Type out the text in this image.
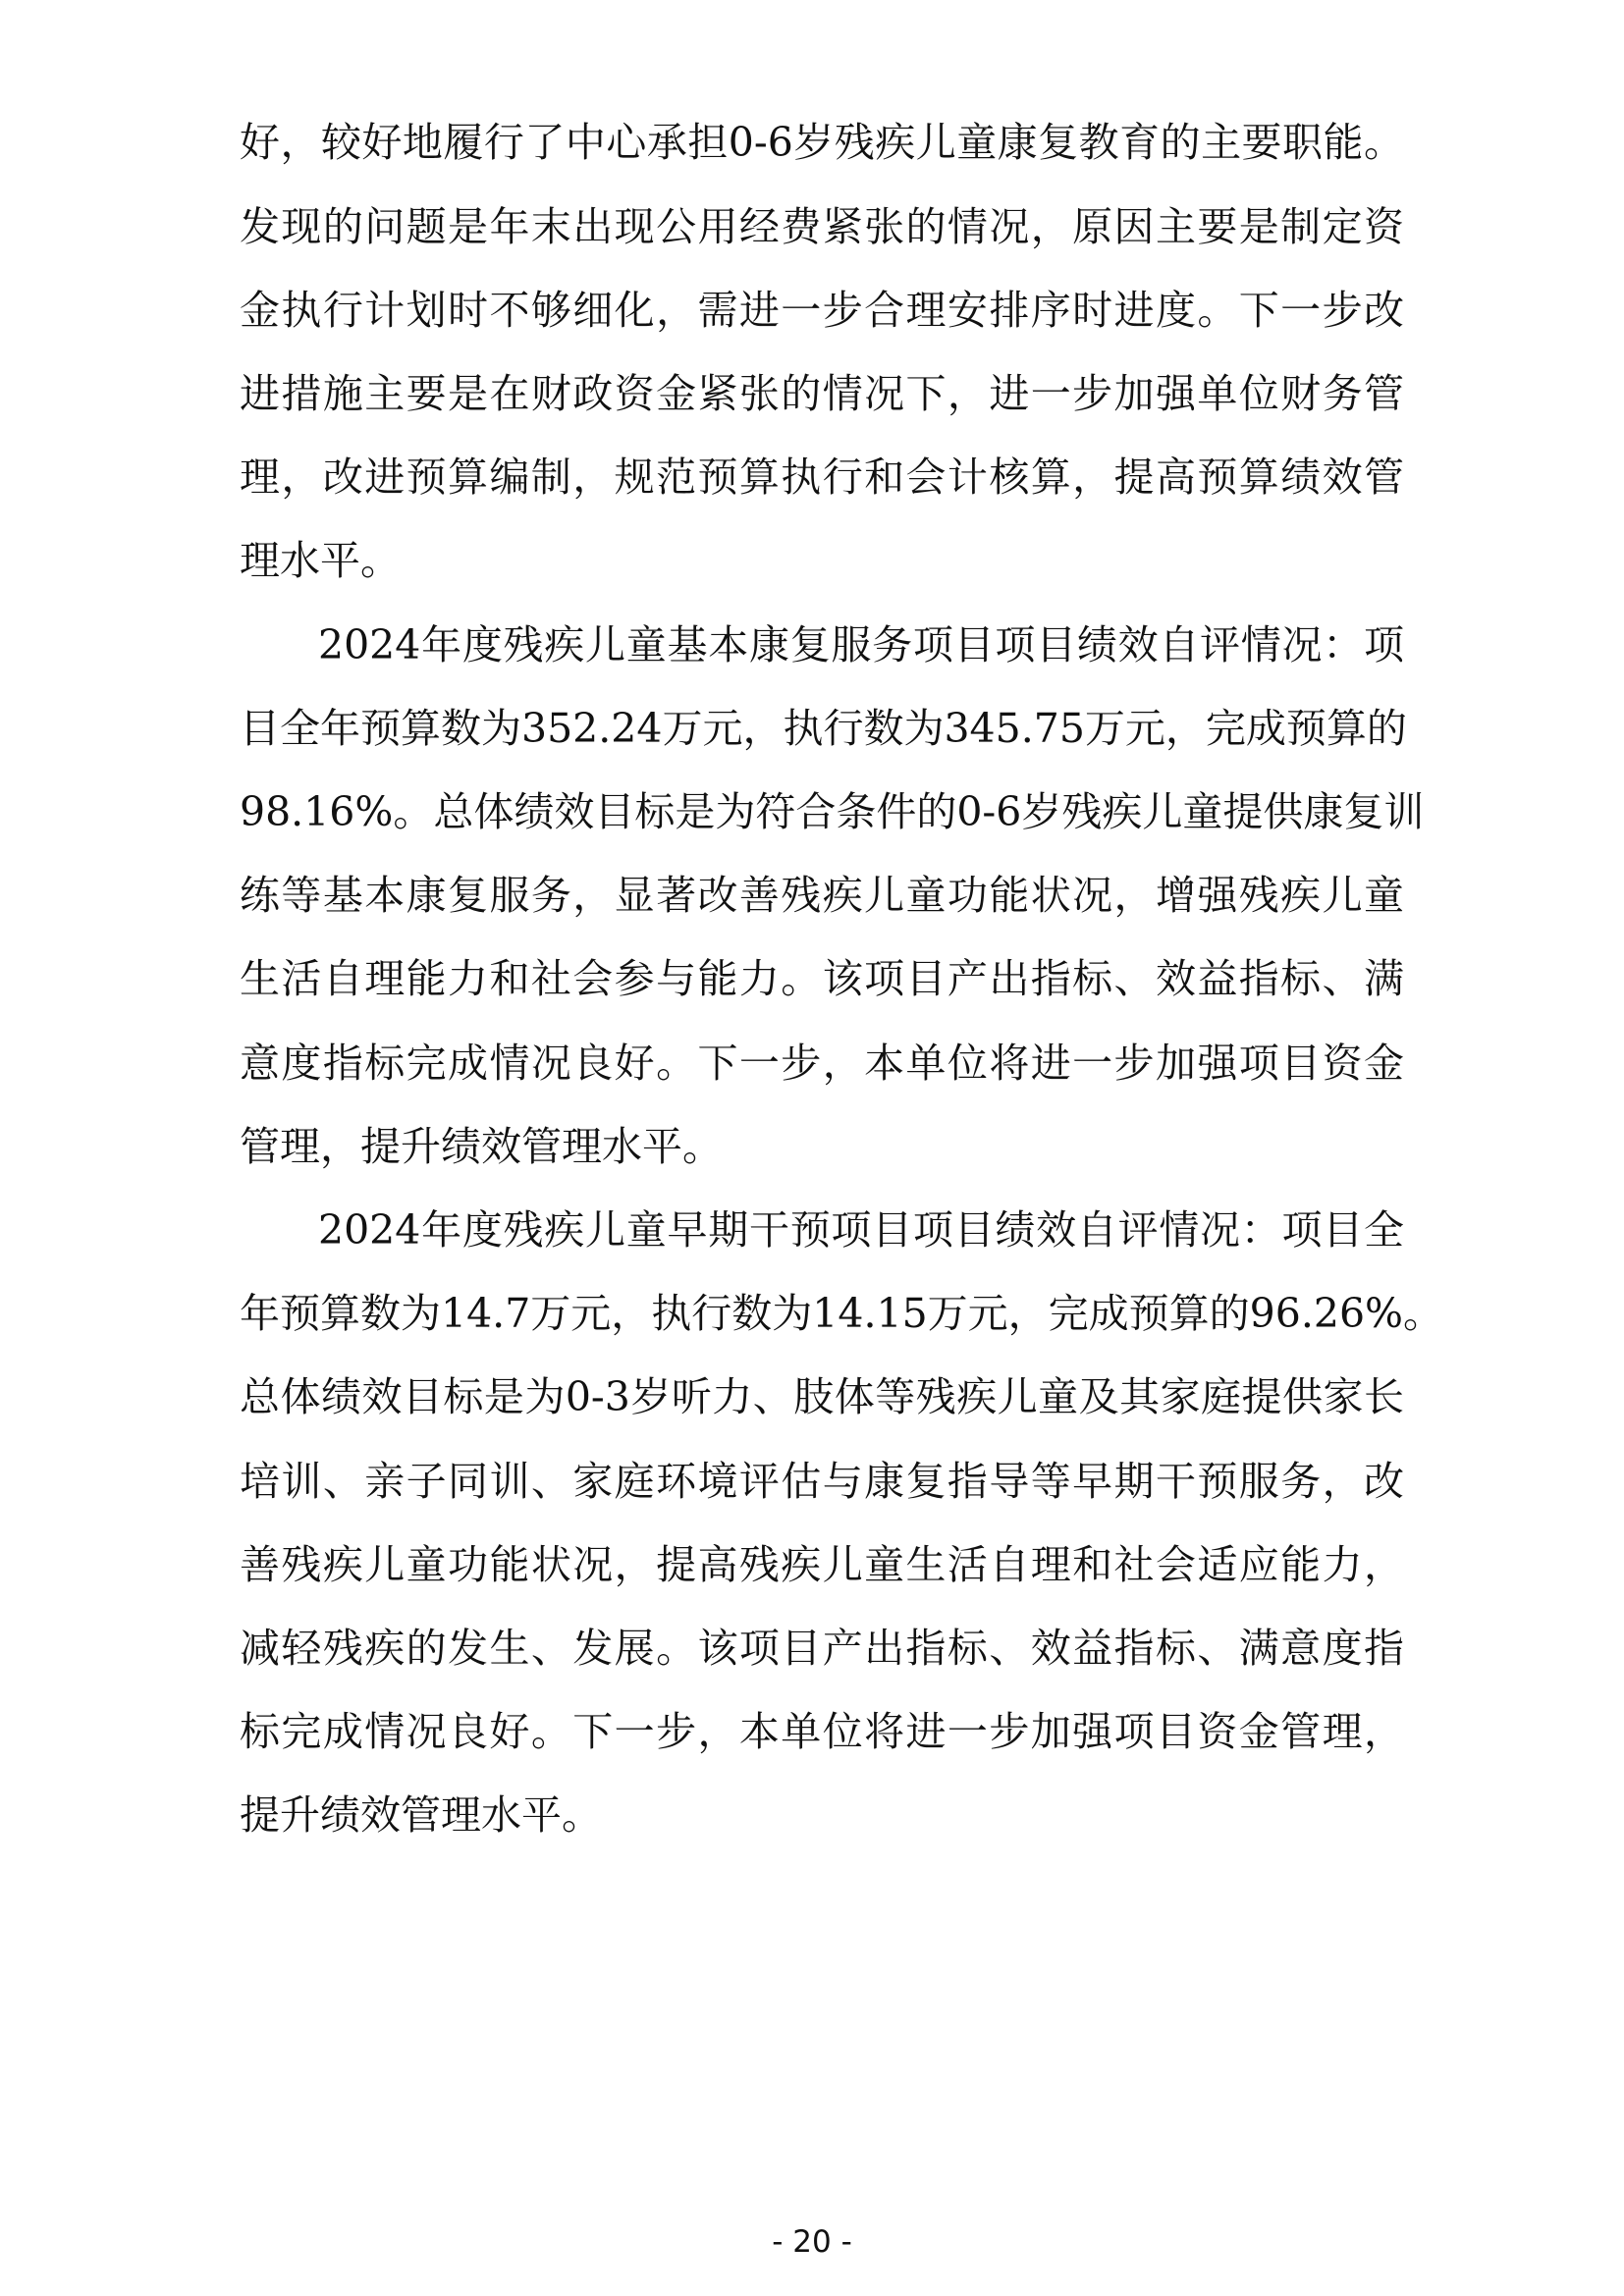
好，较好地履行了中心承担0-6岁残疾儿童康复教育的主要职能。
发现的问题是年末出现公用经费紧张的情况，原因主要是制定资
金执行计划时不够细化，需进一步合理安排序时进度。下一步改
进措施主要是在财政资金紧张的情况下，进一步加强单位财务管
理，改进预算编制，规范预算执行和会计核算，提高预算绩效管
理水平。
2024年度残疾儿童基本康复服务项目项目绩效自评情况：项
目全年预算数为352.24万元，执行数为345.75万元，完成预算的
98.16%。总体绩效目标是为符合条件的0-6岁残疾儿童提供康复训
练等基本康复服务，显著改善残疾儿童功能状况，增强残疾儿童
生活自理能力和社会参与能力。该项目产出指标、效益指标、满
意度指标完成情况良好。下一步，本单位将进一步加强项目资金
管理，提升绩效管理水平。
2024年度残疾儿童早期干预项目项目绩效自评情况：项目全
年预算数为14.7万元，执行数为14.15万元，完成预算的96.26%。
总体绩效目标是为0-3岁听力、肢体等残疾儿童及其家庭提供家长
培训、亲子同训、家庭环境评估与康复指导等早期干预服务，改
善残疾儿童功能状况，提高残疾儿童生活自理和社会适应能力，
减轻残疾的发生、发展。该项目产出指标、效益指标、满意度指
标完成情况良好。下一步，本单位将进一步加强项目资金管理，
提升绩效管理水平。
- 20 -
